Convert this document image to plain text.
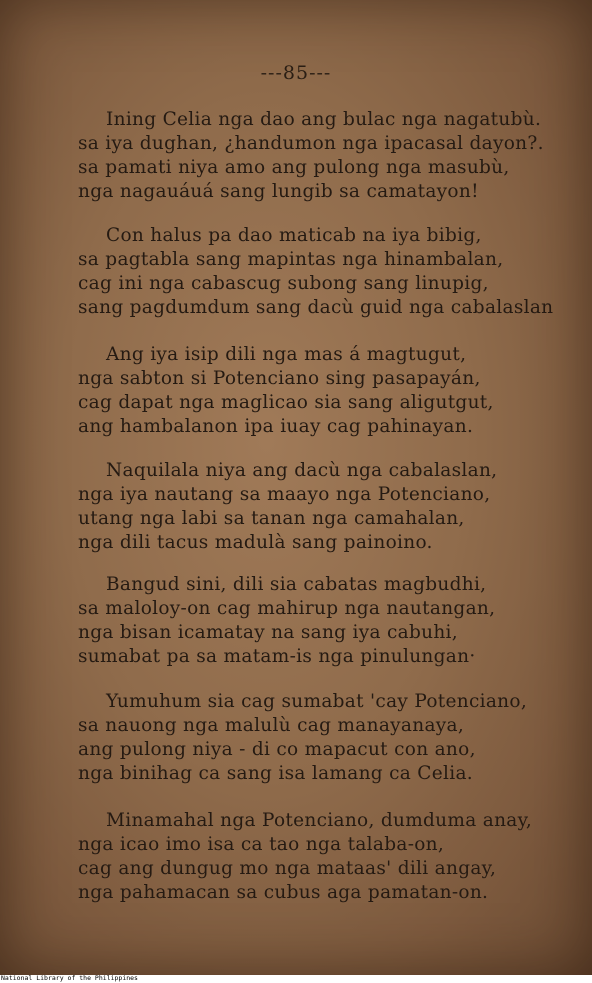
---85---
Ining Celia nga dao ang bulac nga nagatubù.
sa iya dughan, ¿handumon nga ipacasal dayon?.
sa pamati niya amo ang pulong nga masubù,
nga nagauáuá sang lungib sa camatayon!
Con halus pa dao maticab na iya bibig,
sa pagtabla sang mapintas nga hinambalan,
cag ini nga cabascug subong sang linupig,
sang pagdumdum sang dacù guid nga cabalaslan
Ang iya isip dili nga mas á magtugut,
nga sabton si Potenciano sing pasapayán,
cag dapat nga maglicao sia sang aligutgut,
ang hambalanon ipa iuay cag pahinayan.
Naquilala niya ang dacù nga cabalaslan,
nga iya nautang sa maayo nga Potenciano,
utang nga labi sa tanan nga camahalan,
nga dili tacus madulà sang painoino.
Bangud sini, dili sia cabatas magbudhi,
sa maloloy-on cag mahirup nga nautangan,
nga bisan icamatay na sang iya cabuhi,
sumabat pa sa matam-is nga pinulungan·
Yumuhum sia cag sumabat 'cay Potenciano,
sa nauong nga malulù cag manayanaya,
ang pulong niya - di co mapacut con ano,
nga binihag ca sang isa lamang ca Celia.
Minamahal nga Potenciano, dumduma anay,
nga icao imo isa ca tao nga talaba-on,
cag ang dungug mo nga mataas' dili angay,
nga pahamacan sa cubus aga pamatan-on.
National Library of the Philippines
